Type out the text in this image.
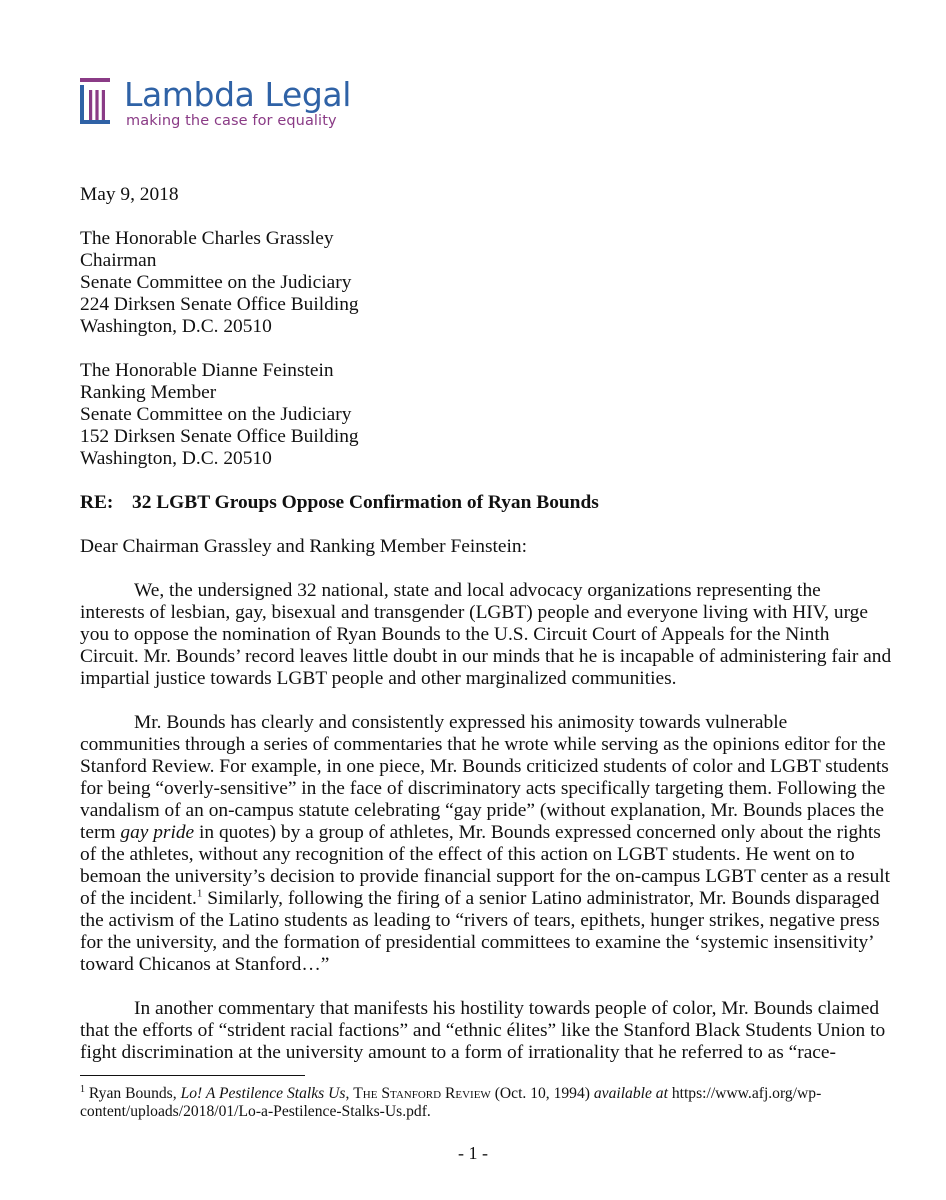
Lambda Legal
making the case for equality
May 9, 2018
The Honorable Charles Grassley
Chairman
Senate Committee on the Judiciary
224 Dirksen Senate Office Building
Washington, D.C. 20510
The Honorable Dianne Feinstein
Ranking Member
Senate Committee on the Judiciary
152 Dirksen Senate Office Building
Washington, D.C. 20510
RE: 32 LGBT Groups Oppose Confirmation of Ryan Bounds
Dear Chairman Grassley and Ranking Member Feinstein:
We, the undersigned 32 national, state and local advocacy organizations representing the
interests of lesbian, gay, bisexual and transgender (LGBT) people and everyone living with HIV, urge
you to oppose the nomination of Ryan Bounds to the U.S. Circuit Court of Appeals for the Ninth
Circuit. Mr. Bounds’ record leaves little doubt in our minds that he is incapable of administering fair and
impartial justice towards LGBT people and other marginalized communities.
Mr. Bounds has clearly and consistently expressed his animosity towards vulnerable
communities through a series of commentaries that he wrote while serving as the opinions editor for the
Stanford Review. For example, in one piece, Mr. Bounds criticized students of color and LGBT students
for being “overly-sensitive” in the face of discriminatory acts specifically targeting them. Following the
vandalism of an on-campus statute celebrating “gay pride” (without explanation, Mr. Bounds places the
term gay pride in quotes) by a group of athletes, Mr. Bounds expressed concerned only about the rights
of the athletes, without any recognition of the effect of this action on LGBT students. He went on to
bemoan the university’s decision to provide financial support for the on-campus LGBT center as a result
of the incident.$^1$ Similarly, following the firing of a senior Latino administrator, Mr. Bounds disparaged
the activism of the Latino students as leading to “rivers of tears, epithets, hunger strikes, negative press
for the university, and the formation of presidential committees to examine the ‘systemic insensitivity’
toward Chicanos at Stanford…”
In another commentary that manifests his hostility towards people of color, Mr. Bounds claimed
that the efforts of “strident racial factions” and “ethnic élites” like the Stanford Black Students Union to
fight discrimination at the university amount to a form of irrationality that he referred to as “race-
$^1$ Ryan Bounds, Lo! A Pestilence Stalks Us, The Stanford Review (Oct. 10, 1994) available at https://www.afj.org/wp-
content/uploads/2018/01/Lo-a-Pestilence-Stalks-Us.pdf.
- 1 -
